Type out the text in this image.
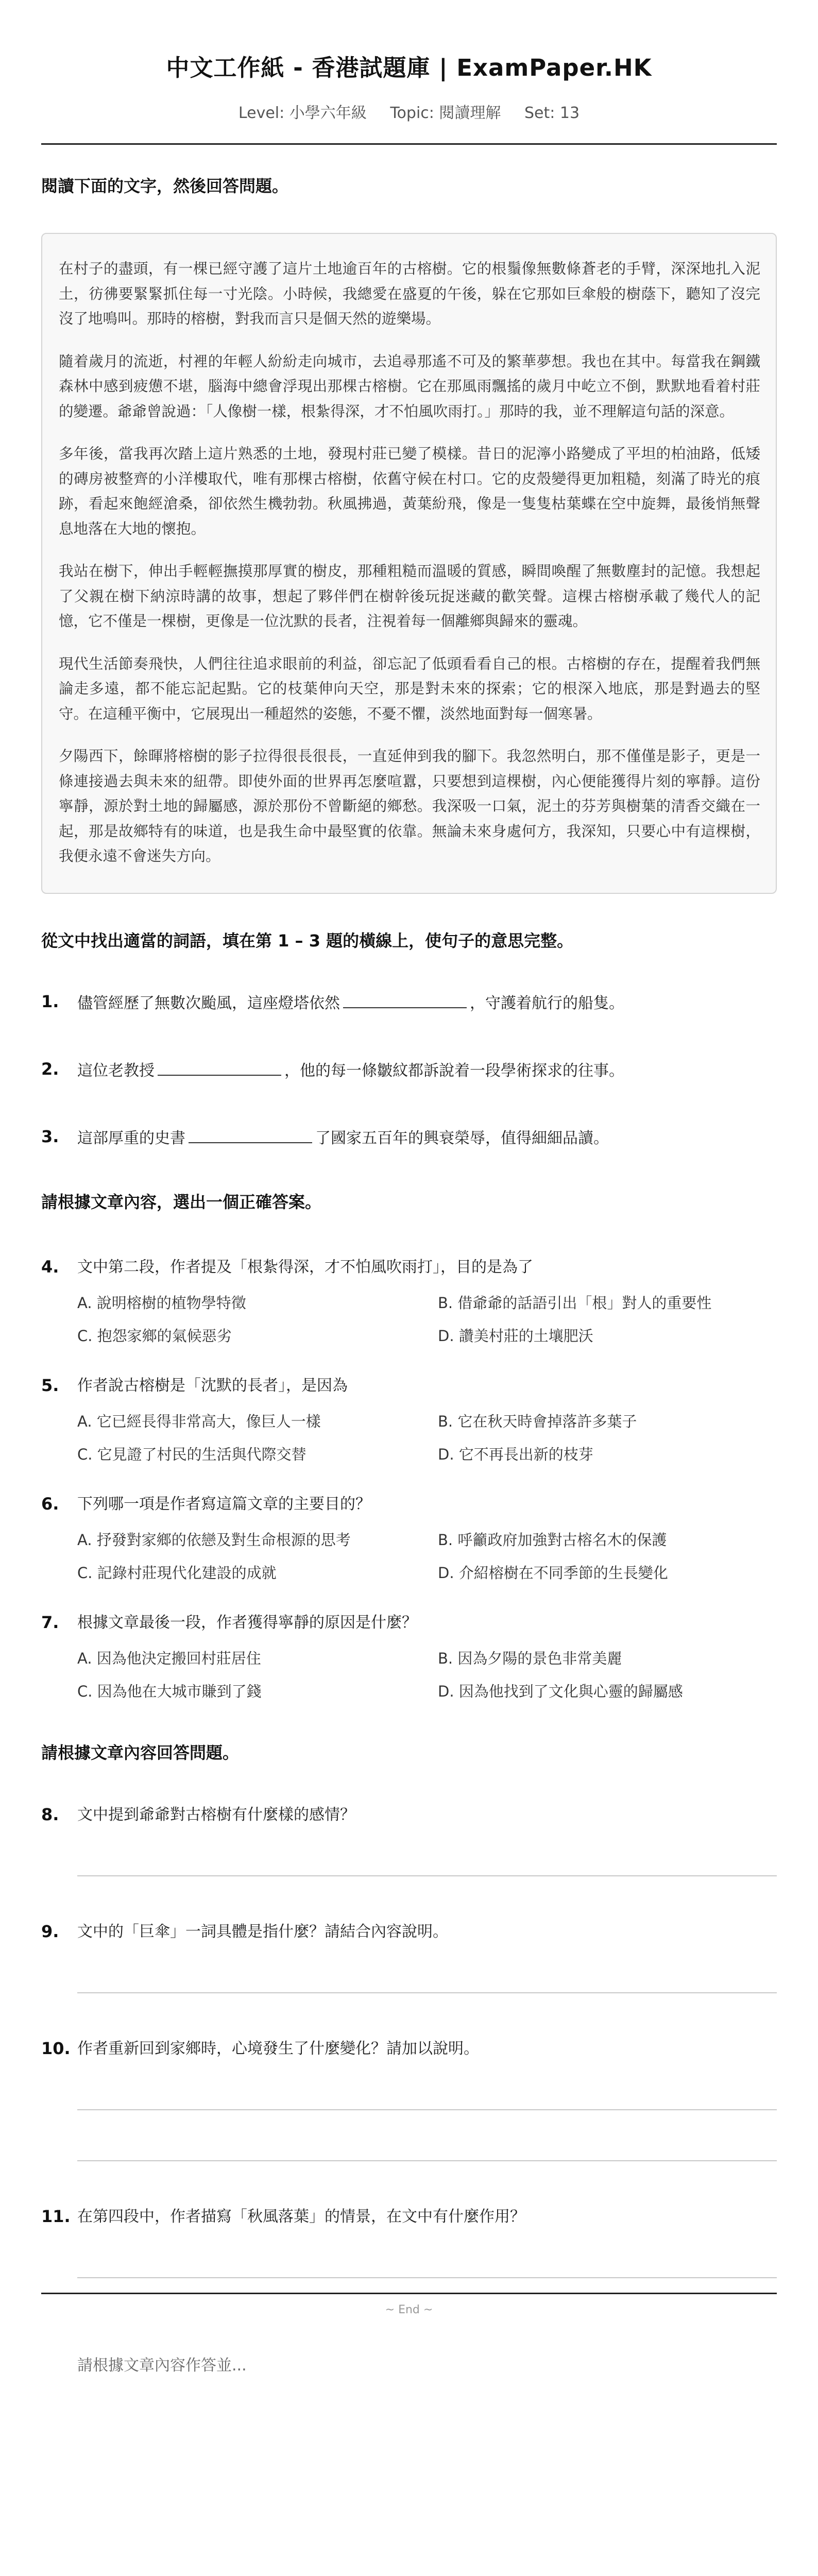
中文工作紙 - 香港試題庫 | ExamPaper.HK
Level: 小學六年級 Topic: 閱讀理解 Set: 13
閱讀下面的文字，然後回答問題。

在村子的盡頭，有一棵已經守護了這片土地逾百年的古榕樹。它的根鬚像無數條蒼老的手臂，深深地扎入泥土，彷彿要緊緊抓住每一寸光陰。小時候，我總愛在盛夏的午後，躲在它那如巨傘般的樹蔭下，聽知了沒完沒了地鳴叫。那時的榕樹，對我而言只是個天然的遊樂場。

隨着歲月的流逝，村裡的年輕人紛紛走向城市，去追尋那遙不可及的繁華夢想。我也在其中。每當我在鋼鐵森林中感到疲憊不堪，腦海中總會浮現出那棵古榕樹。它在那風雨飄搖的歲月中屹立不倒，默默地看着村莊的變遷。爺爺曾說過：「人像樹一樣，根紮得深，才不怕風吹雨打。」那時的我，並不理解這句話的深意。

多年後，當我再次踏上這片熟悉的土地，發現村莊已變了模樣。昔日的泥濘小路變成了平坦的柏油路，低矮的磚房被整齊的小洋樓取代，唯有那棵古榕樹，依舊守候在村口。它的皮殼變得更加粗糙，刻滿了時光的痕跡，看起來飽經滄桑，卻依然生機勃勃。秋風拂過，黃葉紛飛，像是一隻隻枯葉蝶在空中旋舞，最後悄無聲息地落在大地的懷抱。

我站在樹下，伸出手輕輕撫摸那厚實的樹皮，那種粗糙而溫暖的質感，瞬間喚醒了無數塵封的記憶。我想起了父親在樹下納涼時講的故事，想起了夥伴們在樹幹後玩捉迷藏的歡笑聲。這棵古榕樹承載了幾代人的記憶，它不僅是一棵樹，更像是一位沈默的長者，注視着每一個離鄉與歸來的靈魂。

現代生活節奏飛快，人們往往追求眼前的利益，卻忘記了低頭看看自己的根。古榕樹的存在，提醒着我們無論走多遠，都不能忘記起點。它的枝葉伸向天空，那是對未來的探索；它的根深入地底，那是對過去的堅守。在這種平衡中，它展現出一種超然的姿態，不憂不懼，淡然地面對每一個寒暑。

夕陽西下，餘暉將榕樹的影子拉得很長很長，一直延伸到我的腳下。我忽然明白，那不僅僅是影子，更是一條連接過去與未來的紐帶。即使外面的世界再怎麼喧囂，只要想到這棵樹，內心便能獲得片刻的寧靜。這份寧靜，源於對土地的歸屬感，源於那份不曾斷絕的鄉愁。我深吸一口氣，泥土的芬芳與樹葉的清香交織在一起，那是故鄉特有的味道，也是我生命中最堅實的依靠。無論未來身處何方，我深知，只要心中有這棵樹，我便永遠不會迷失方向。

從文中找出適當的詞語，填在第 1 – 3 題的橫線上，使句子的意思完整。
1. 儘管經歷了無數次颱風，這座燈塔依然	，守護着航行的船隻。
2. 這位老教授	，他的每一條皺紋都訴說着一段學術探求的往事。
3. 這部厚重的史書	了國家五百年的興衰榮辱，值得細細品讀。
請根據文章內容，選出一個正確答案。
4. 文中第二段，作者提及「根紮得深，才不怕風吹雨打」，目的是為了
A. 說明榕樹的植物學特徵	B. 借爺爺的話語引出「根」對人的重要性
C. 抱怨家鄉的氣候惡劣	D. 讚美村莊的土壤肥沃
5. 作者說古榕樹是「沈默的長者」，是因為
A. 它已經長得非常高大，像巨人一樣	B. 它在秋天時會掉落許多葉子
C. 它見證了村民的生活與代際交替	D. 它不再長出新的枝芽
6. 下列哪一項是作者寫這篇文章的主要目的？
A. 抒發對家鄉的依戀及對生命根源的思考	B. 呼籲政府加強對古榕名木的保護
C. 記錄村莊現代化建設的成就	D. 介紹榕樹在不同季節的生長變化
7. 根據文章最後一段，作者獲得寧靜的原因是什麼？
A. 因為他決定搬回村莊居住	B. 因為夕陽的景色非常美麗
C. 因為他在大城市賺到了錢	D. 因為他找到了文化與心靈的歸屬感
請根據文章內容回答問題。
8. 文中提到爺爺對古榕樹有什麼樣的感情？
9. 文中的「巨傘」一詞具體是指什麼？請結合內容說明。
10. 作者重新回到家鄉時，心境發生了什麼變化？請加以說明。
11. 在第四段中，作者描寫「秋風落葉」的情景，在文中有什麼作用？
~ End ~
請根據文章內容作答並...
